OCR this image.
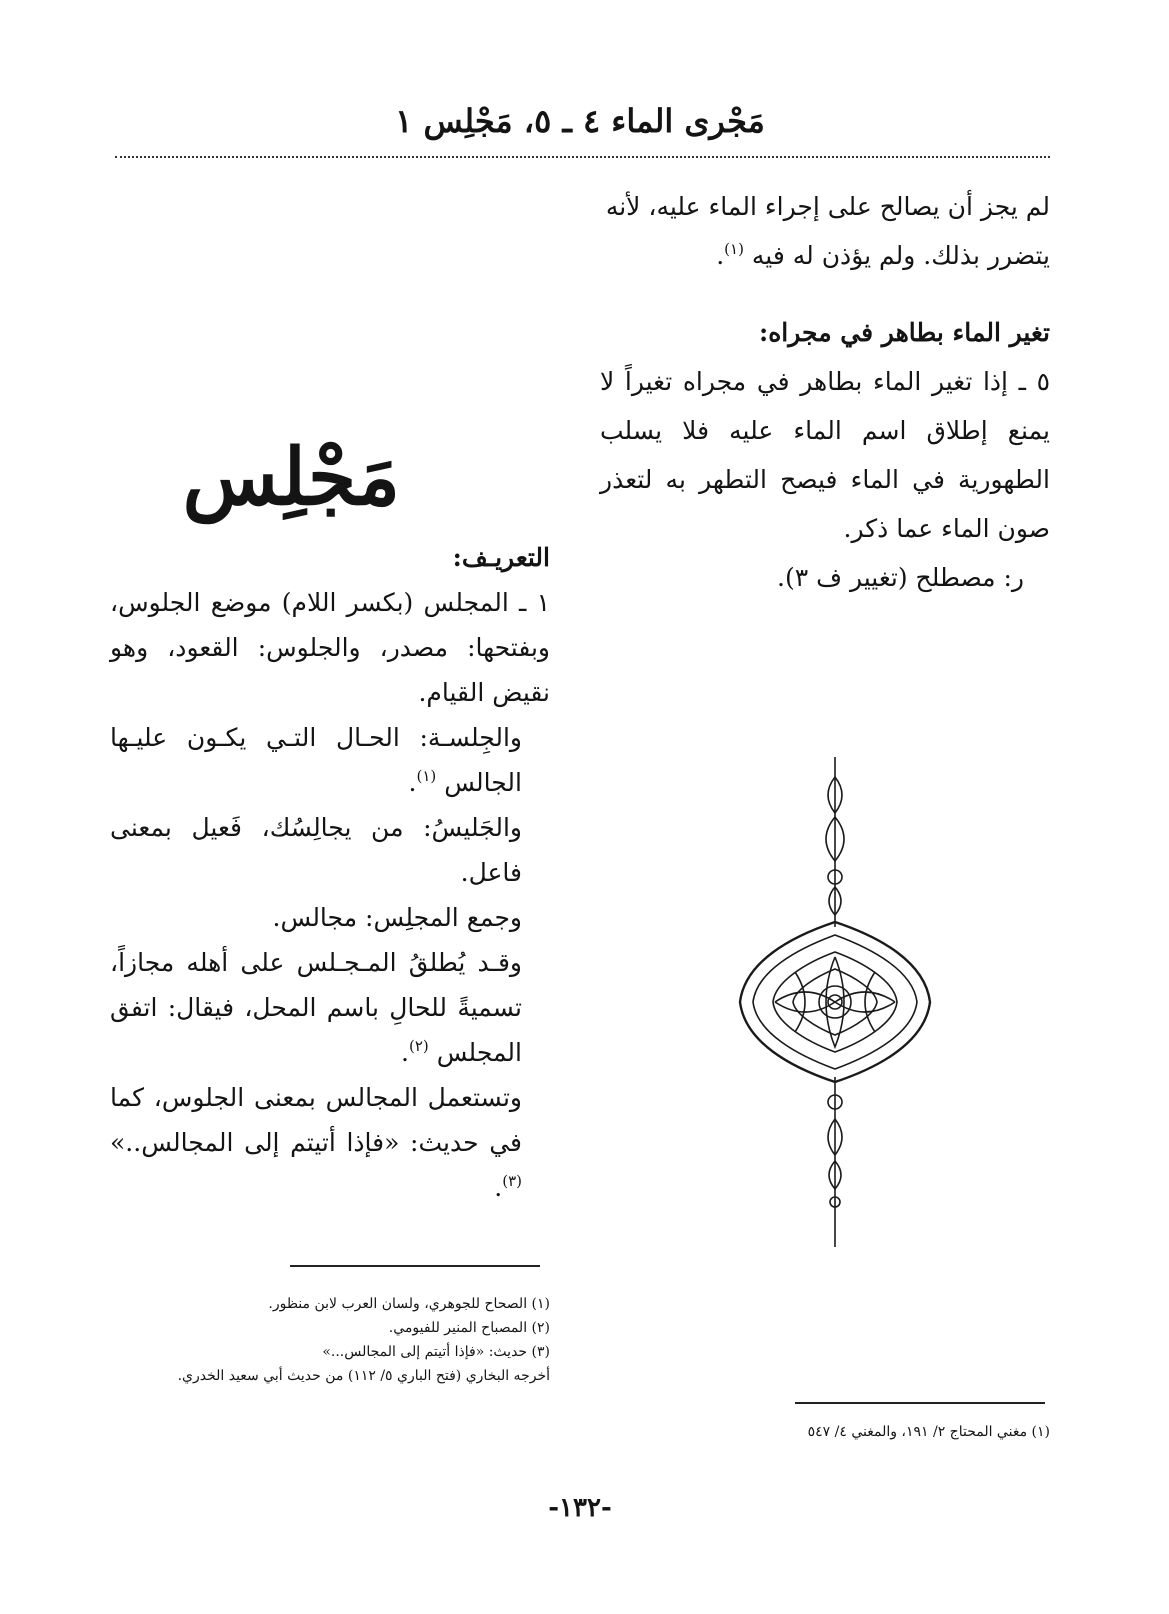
مَجْرى الماء ٤ ـ ٥، مَجْلِس ١

لم يجز أن يصالح على إجراء الماء عليه، لأنه

يتضرر بذلك. ولم يؤذن له فيه $^{(١)}$.

تغير الماء بطاهر في مجراه:

٥ ـ إذا تغير الماء بطاهر في مجراه تغيراً لا يمنع إطلاق اسم الماء عليه فلا يسلب الطهورية في الماء فيصح التطهر به لتعذر صون الماء عما ذكر.

ر: مصطلح (تغيير ف ٣).

مَجْلِس
التعريـف:

١ ـ المجلس (بكسر اللام) موضع الجلوس، وبفتحها: مصدر، والجلوس: القعود، وهو نقيض القيام.

والجِلسـة: الحـال التـي يكـون عليـها الجالس $^{(١)}$.

والجَليسُ: من يجالِسُك، فَعيل بمعنى فاعل.

وجمع المجلِس: مجالس.

وقـد يُطلقُ المـجـلس على أهله مجازاً، تسميةً للحالِ باسم المحل، فيقال: اتفق المجلس $^{(٢)}$.

وتستعمل المجالس بمعنى الجلوس، كما في حديث: «فإذا أتيتم إلى المجالس..» $^{(٣)}$.

(١) الصحاح للجوهري، ولسان العرب لابن منظور.
(٢) المصباح المنير للفيومي.
(٣) حديث: «فإذا أتيتم إلى المجالس...»
أخرجه البخاري (فتح الباري ٥/ ١١٢) من حديث أبي سعيد الخدري.
(١) مغني المحتاج ٢/ ١٩١، والمغني ٤/ ٥٤٧
-١٣٢-
